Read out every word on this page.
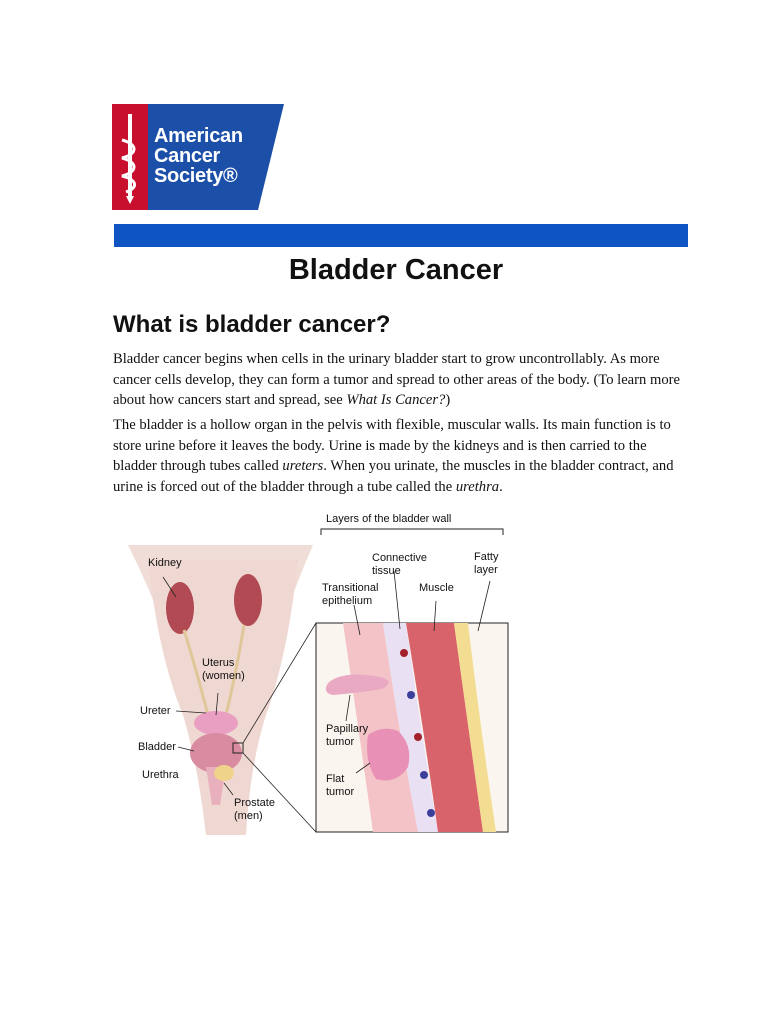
American
Cancer
Society®
Bladder Cancer
What is bladder cancer?

Bladder cancer begins when cells in the urinary bladder start to grow uncontrollably. As more cancer cells develop, they can form a tumor and spread to other areas of the body. (To learn more about how cancers start and spread, see What Is Cancer?)

The bladder is a hollow organ in the pelvis with flexible, muscular walls. Its main function is to store urine before it leaves the body. Urine is made by the kidneys and is then carried to the bladder through tubes called ureters. When you urinate, the muscles in the bladder contract, and urine is forced out of the bladder through a tube called the urethra.

Layers of the bladder wall
Kidney
Uterus
(women)
Ureter
Bladder
Urethra
Prostate
(men)
Connective
tissue
Fatty
layer
Transitional
epithelium
Muscle
Papillary
tumor
Flat
tumor
